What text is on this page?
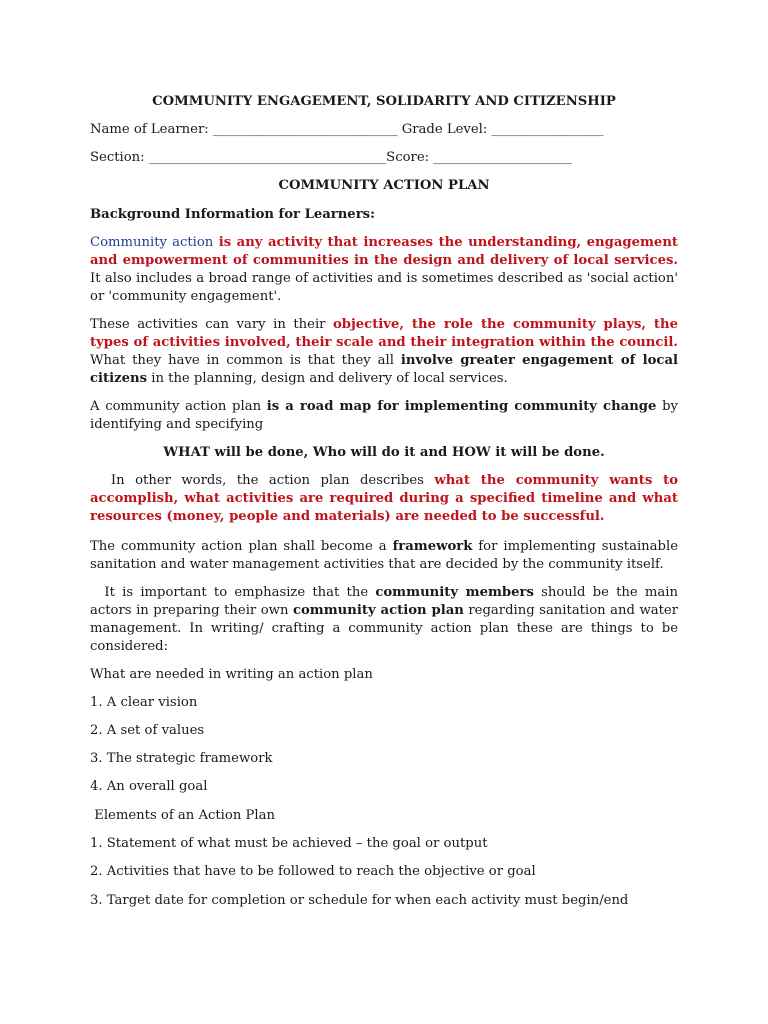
COMMUNITY ENGAGEMENT, SOLIDARITY AND CITIZENSHIP
Name of Learner: ____________________________ Grade Level: _________________
Section: ____________________________________Score: _____________________
COMMUNITY ACTION PLAN
Background Information for Learners:
Community action is any activity that increases the understanding, engagement and empowerment of communities in the design and delivery of local services. It also includes a broad range of activities and is sometimes described as 'social action' or 'community engagement'.
These activities can vary in their objective, the role the community plays, the types of activities involved, their scale and their integration within the council. What they have in common is that they all involve greater engagement of local citizens in the planning, design and delivery of local services.
A community action plan is a road map for implementing community change by identifying and specifying
WHAT will be done, Who will do it and HOW it will be done.
In other words, the action plan describes what the community wants to accomplish, what activities are required during a specified timeline and what resources (money, people and materials) are needed to be successful.
The community action plan shall become a framework for implementing sustainable sanitation and water management activities that are decided by the community itself.
It is important to emphasize that the community members should be the main actors in preparing their own community action plan regarding sanitation and water management. In writing/ crafting a community action plan these are things to be considered:
What are needed in writing an action plan
1. A clear vision
2. A set of values
3. The strategic framework
4. An overall goal
Elements of an Action Plan
1. Statement of what must be achieved – the goal or output
2. Activities that have to be followed to reach the objective or goal
3. Target date for completion or schedule for when each activity must begin/end
